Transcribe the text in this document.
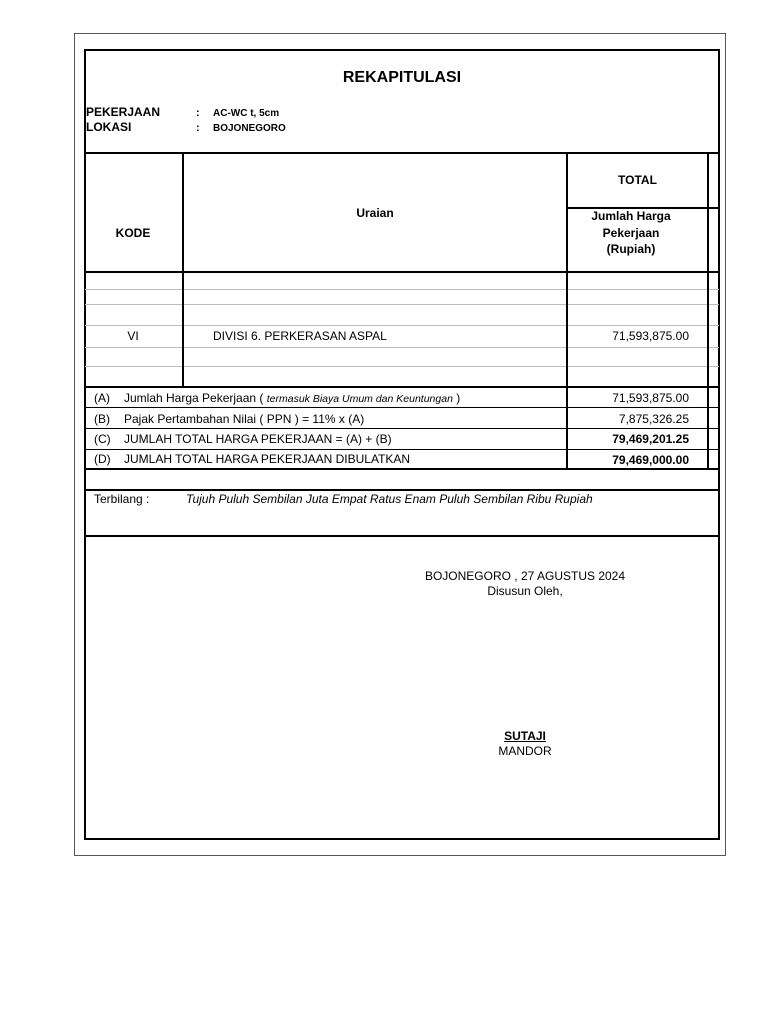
REKAPITULASI
PEKERJAAN	: AC-WC t, 5cm
LOKASI	: BOJONEGORO
KODE
Uraian
TOTAL
Jumlah Harga
Pekerjaan
(Rupiah)
VI	DIVISI 6. PERKERASAN ASPAL	71,593,875.00
(A) Jumlah Harga Pekerjaan ( termasuk Biaya Umum dan Keuntungan )	71,593,875.00
(B) Pajak Pertambahan Nilai ( PPN ) = 11% x (A)	7,875,326.25
(C) JUMLAH TOTAL HARGA PEKERJAAN = (A) + (B)	79,469,201.25
(D) JUMLAH TOTAL HARGA PEKERJAAN DIBULATKAN	79,469,000.00
Terbilang :	Tujuh Puluh Sembilan Juta Empat Ratus Enam Puluh Sembilan Ribu Rupiah
BOJONEGORO , 27 AGUSTUS 2024
Disusun Oleh,
SUTAJI
MANDOR
